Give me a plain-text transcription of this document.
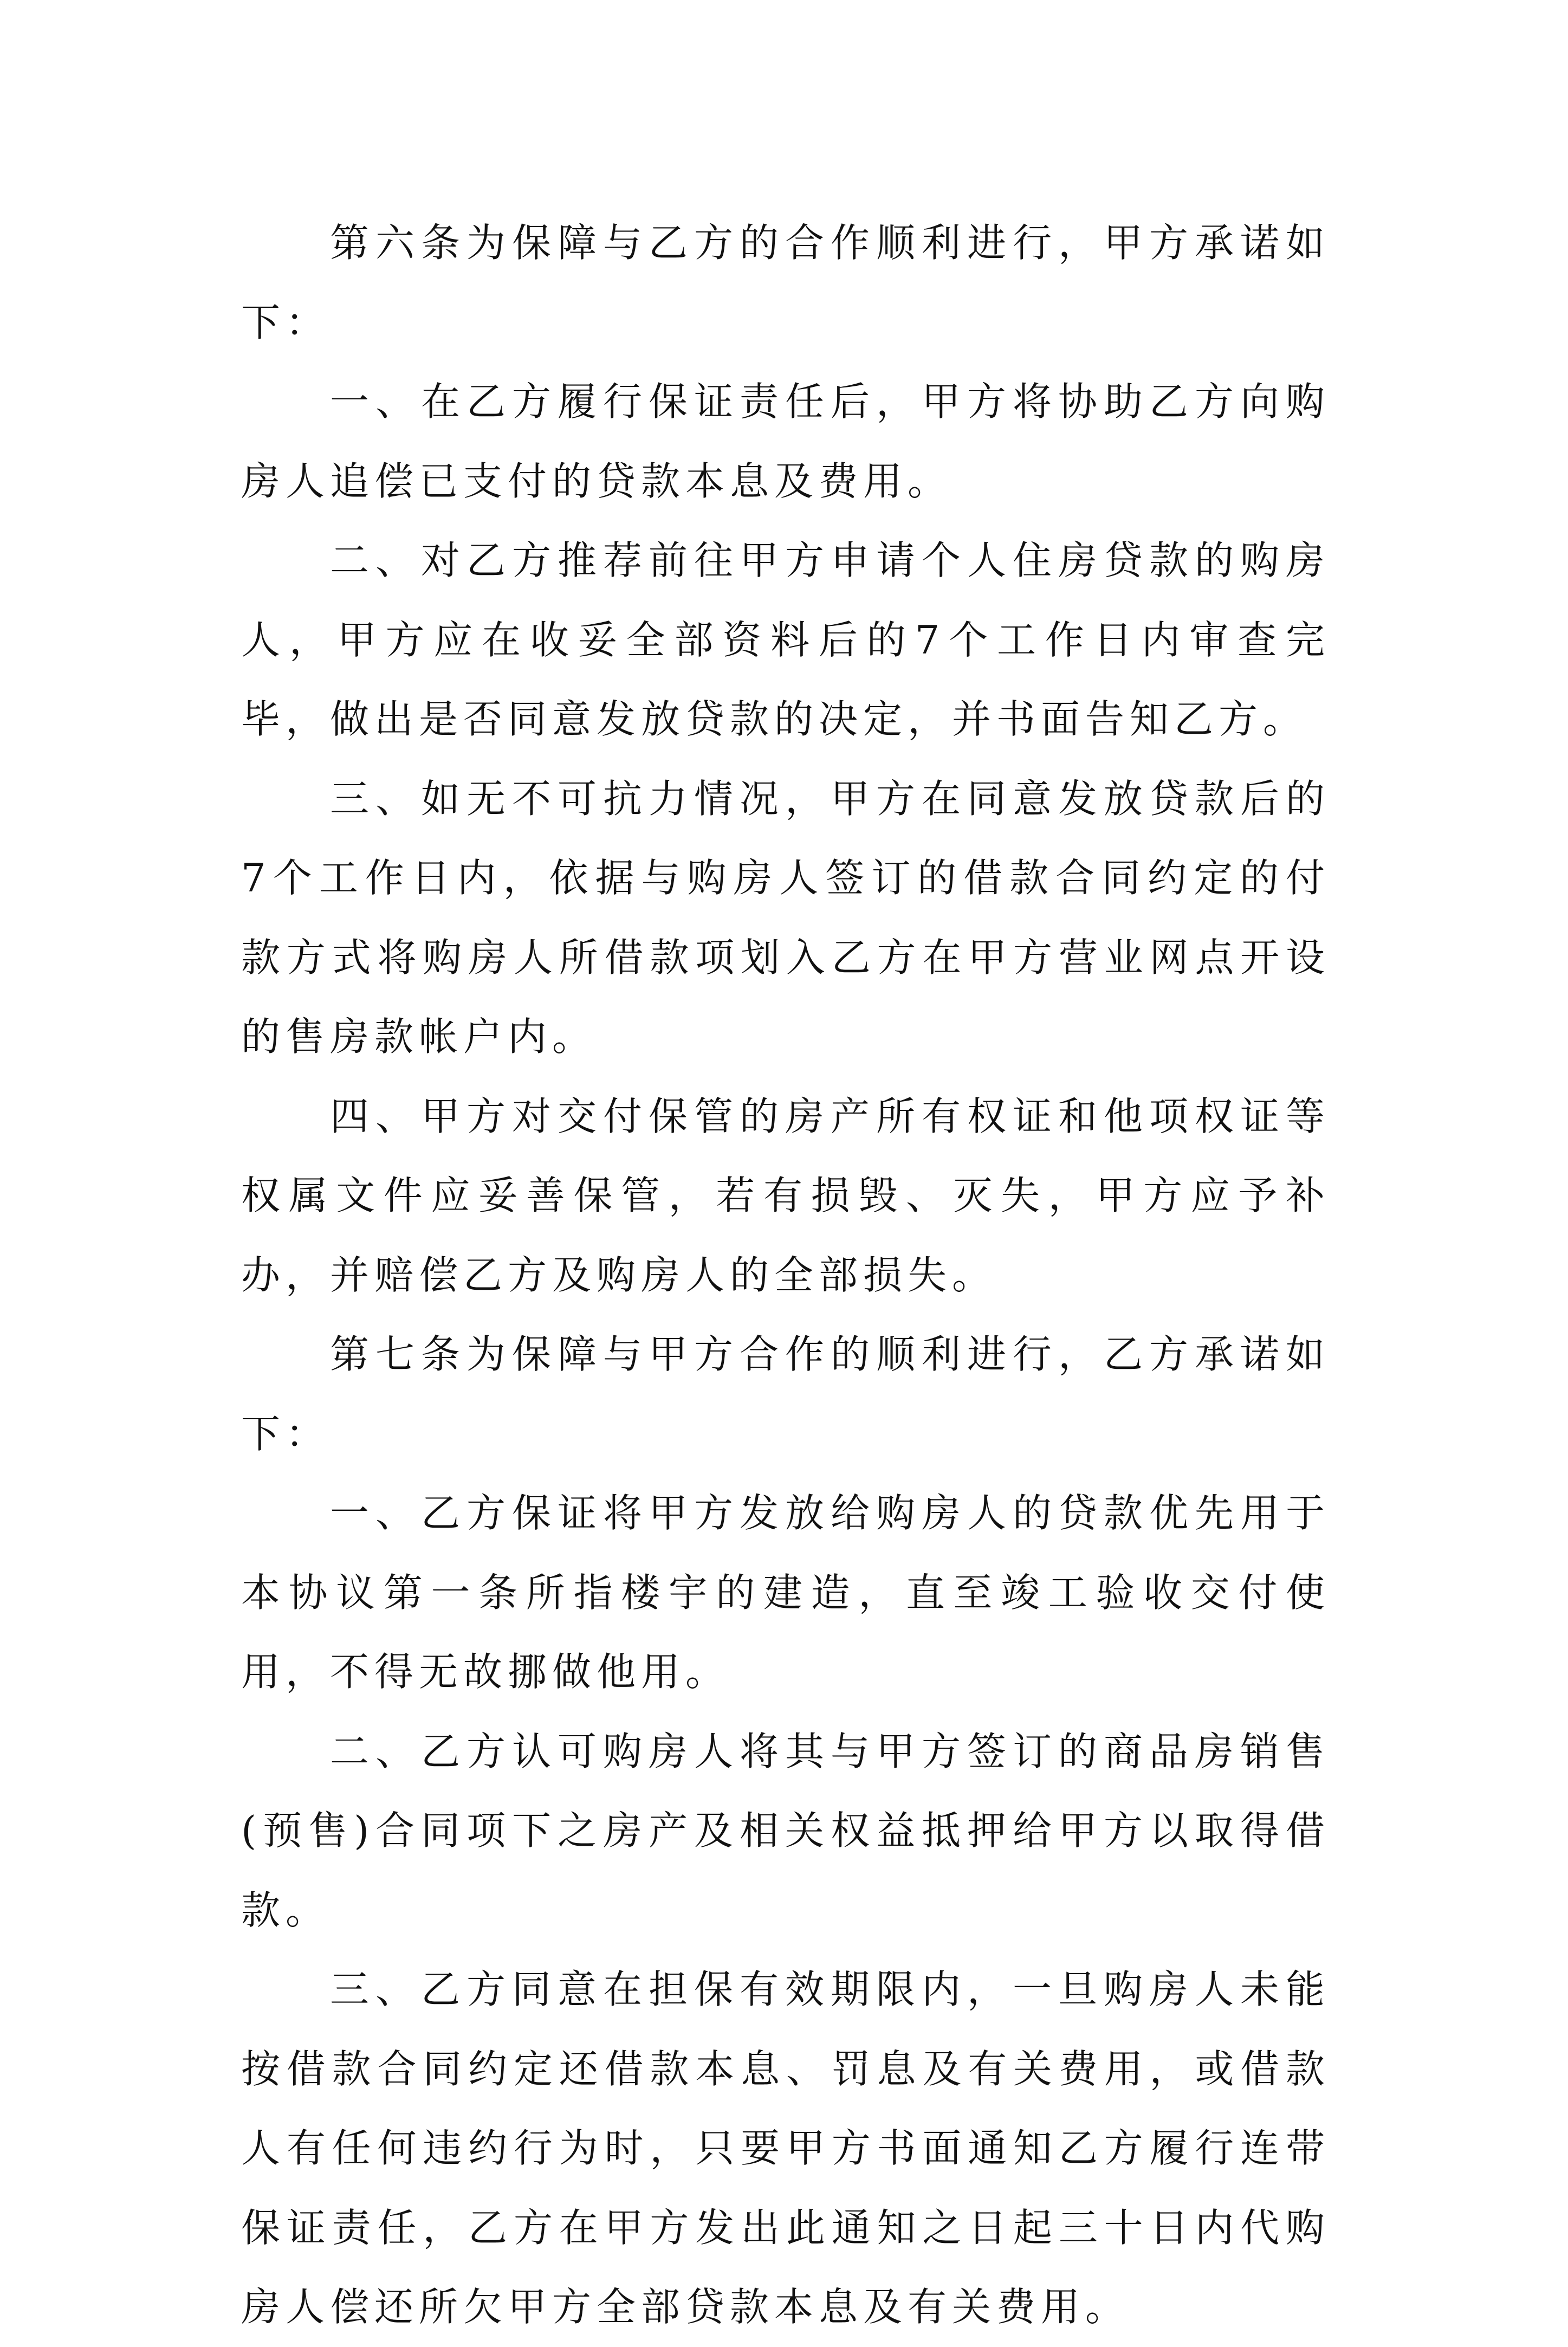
第六条为保障与乙方的合作顺利进行，甲方承诺如下：

一、在乙方履行保证责任后，甲方将协助乙方向购房人追偿已支付的贷款本息及费用。

二、对乙方推荐前往甲方申请个人住房贷款的购房人，甲方应在收妥全部资料后的7个工作日内审查完毕，做出是否同意发放贷款的决定，并书面告知乙方。

三、如无不可抗力情况，甲方在同意发放贷款后的7个工作日内，依据与购房人签订的借款合同约定的付款方式将购房人所借款项划入乙方在甲方营业网点开设的售房款帐户内。

四、甲方对交付保管的房产所有权证和他项权证等权属文件应妥善保管，若有损毁、灭失，甲方应予补办，并赔偿乙方及购房人的全部损失。

第七条为保障与甲方合作的顺利进行，乙方承诺如下：

一、乙方保证将甲方发放给购房人的贷款优先用于本协议第一条所指楼宇的建造，直至竣工验收交付使用，不得无故挪做他用。

二、乙方认可购房人将其与甲方签订的商品房销售(预售)合同项下之房产及相关权益抵押给甲方以取得借款。

三、乙方同意在担保有效期限内，一旦购房人未能按借款合同约定还借款本息、罚息及有关费用，或借款人有任何违约行为时，只要甲方书面通知乙方履行连带保证责任，乙方在甲方发出此通知之日起三十日内代购房人偿还所欠甲方全部贷款本息及有关费用。
